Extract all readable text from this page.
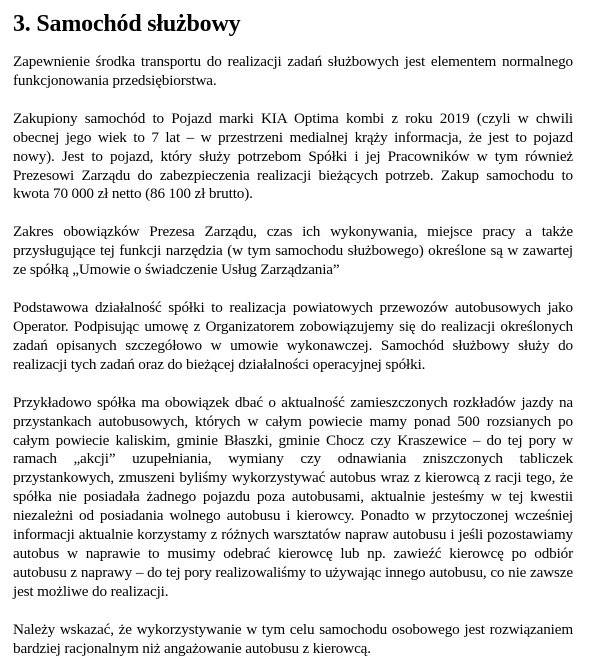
3. Samochód służbowy

Zapewnienie środka transportu do realizacji zadań służbowych jest elementem normalnego funkcjonowania przedsiębiorstwa.

Zakupiony samochód to Pojazd marki KIA Optima kombi z roku 2019 (czyli w chwili obecnej jego wiek to 7 lat – w przestrzeni medialnej krąży informacja, że jest to pojazd nowy). Jest to pojazd, który służy potrzebom Spółki i jej Pracowników w tym również Prezesowi Zarządu do zabezpieczenia realizacji bieżących potrzeb. Zakup samochodu to kwota 70 000 zł netto (86 100 zł brutto).

Zakres obowiązków Prezesa Zarządu, czas ich wykonywania, miejsce pracy a także przysługujące tej funkcji narzędzia (w tym samochodu służbowego) określone są w zawartej ze spółką „Umowie o świadczenie Usług Zarządzania”

Podstawowa działalność spółki to realizacja powiatowych przewozów autobusowych jako Operator. Podpisując umowę z Organizatorem zobowiązujemy się do realizacji określonych zadań opisanych szczegółowo w umowie wykonawczej. Samochód służbowy służy do realizacji tych zadań oraz do bieżącej działalności operacyjnej spółki.

Przykładowo spółka ma obowiązek dbać o aktualność zamieszczonych rozkładów jazdy na przystankach autobusowych, których w całym powiecie mamy ponad 500 rozsianych po całym powiecie kaliskim, gminie Błaszki, gminie Chocz czy Kraszewice – do tej pory w ramach „akcji” uzupełniania, wymiany czy odnawiania zniszczonych tabliczek przystankowych, zmuszeni byliśmy wykorzystywać autobus wraz z kierowcą z racji tego, że spółka nie posiadała żadnego pojazdu poza autobusami, aktualnie jesteśmy w tej kwestii niezależni od posiadania wolnego autobusu i kierowcy. Ponadto w przytoczonej wcześniej informacji aktualnie korzystamy z różnych warsztatów napraw autobusu i jeśli pozostawiamy autobus w naprawie to musimy odebrać kierowcę lub np. zawieźć kierowcę po odbiór autobusu z naprawy – do tej pory realizowaliśmy to używając innego autobusu, co nie zawsze jest możliwe do realizacji.

Należy wskazać, że wykorzystywanie w tym celu samochodu osobowego jest rozwiązaniem bardziej racjonalnym niż angażowanie autobusu z kierowcą.
